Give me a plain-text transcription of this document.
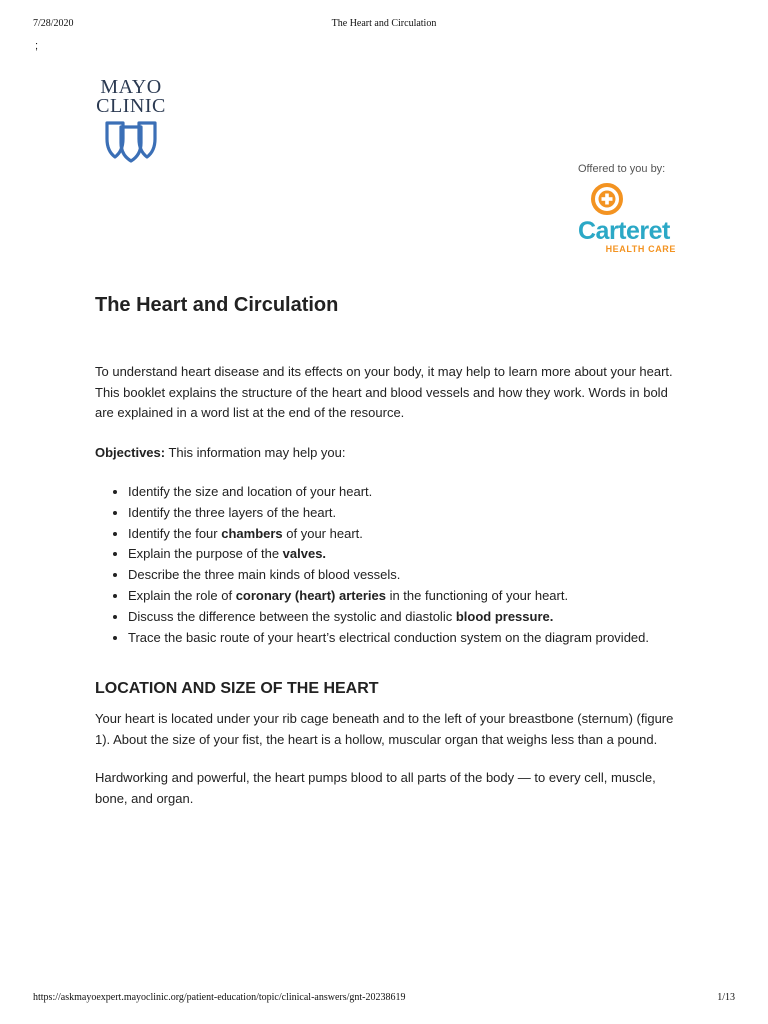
7/28/2020	The Heart and Circulation
;
MAYO
CLINIC
Offered to you by:
Carteret
HEALTH CARE
The Heart and Circulation

To understand heart disease and its effects on your body, it may help to learn more about your heart. This booklet explains the structure of the heart and blood vessels and how they work. Words in bold are explained in a word list at the end of the resource.

Objectives: This information may help you:

• Identify the size and location of your heart.
• Identify the three layers of the heart.
• Identify the four chambers of your heart.
• Explain the purpose of the valves.
• Describe the three main kinds of blood vessels.
• Explain the role of coronary (heart) arteries in the functioning of your heart.
• Discuss the difference between the systolic and diastolic blood pressure.
• Trace the basic route of your heart’s electrical conduction system on the diagram provided.
LOCATION AND SIZE OF THE HEART

Your heart is located under your rib cage beneath and to the left of your breastbone (sternum) (figure 1). About the size of your fist, the heart is a hollow, muscular organ that weighs less than a pound.

Hardworking and powerful, the heart pumps blood to all parts of the body — to every cell, muscle, bone, and organ.

https://askmayoexpert.mayoclinic.org/patient-education/topic/clinical-answers/gnt-20238619	1/13
